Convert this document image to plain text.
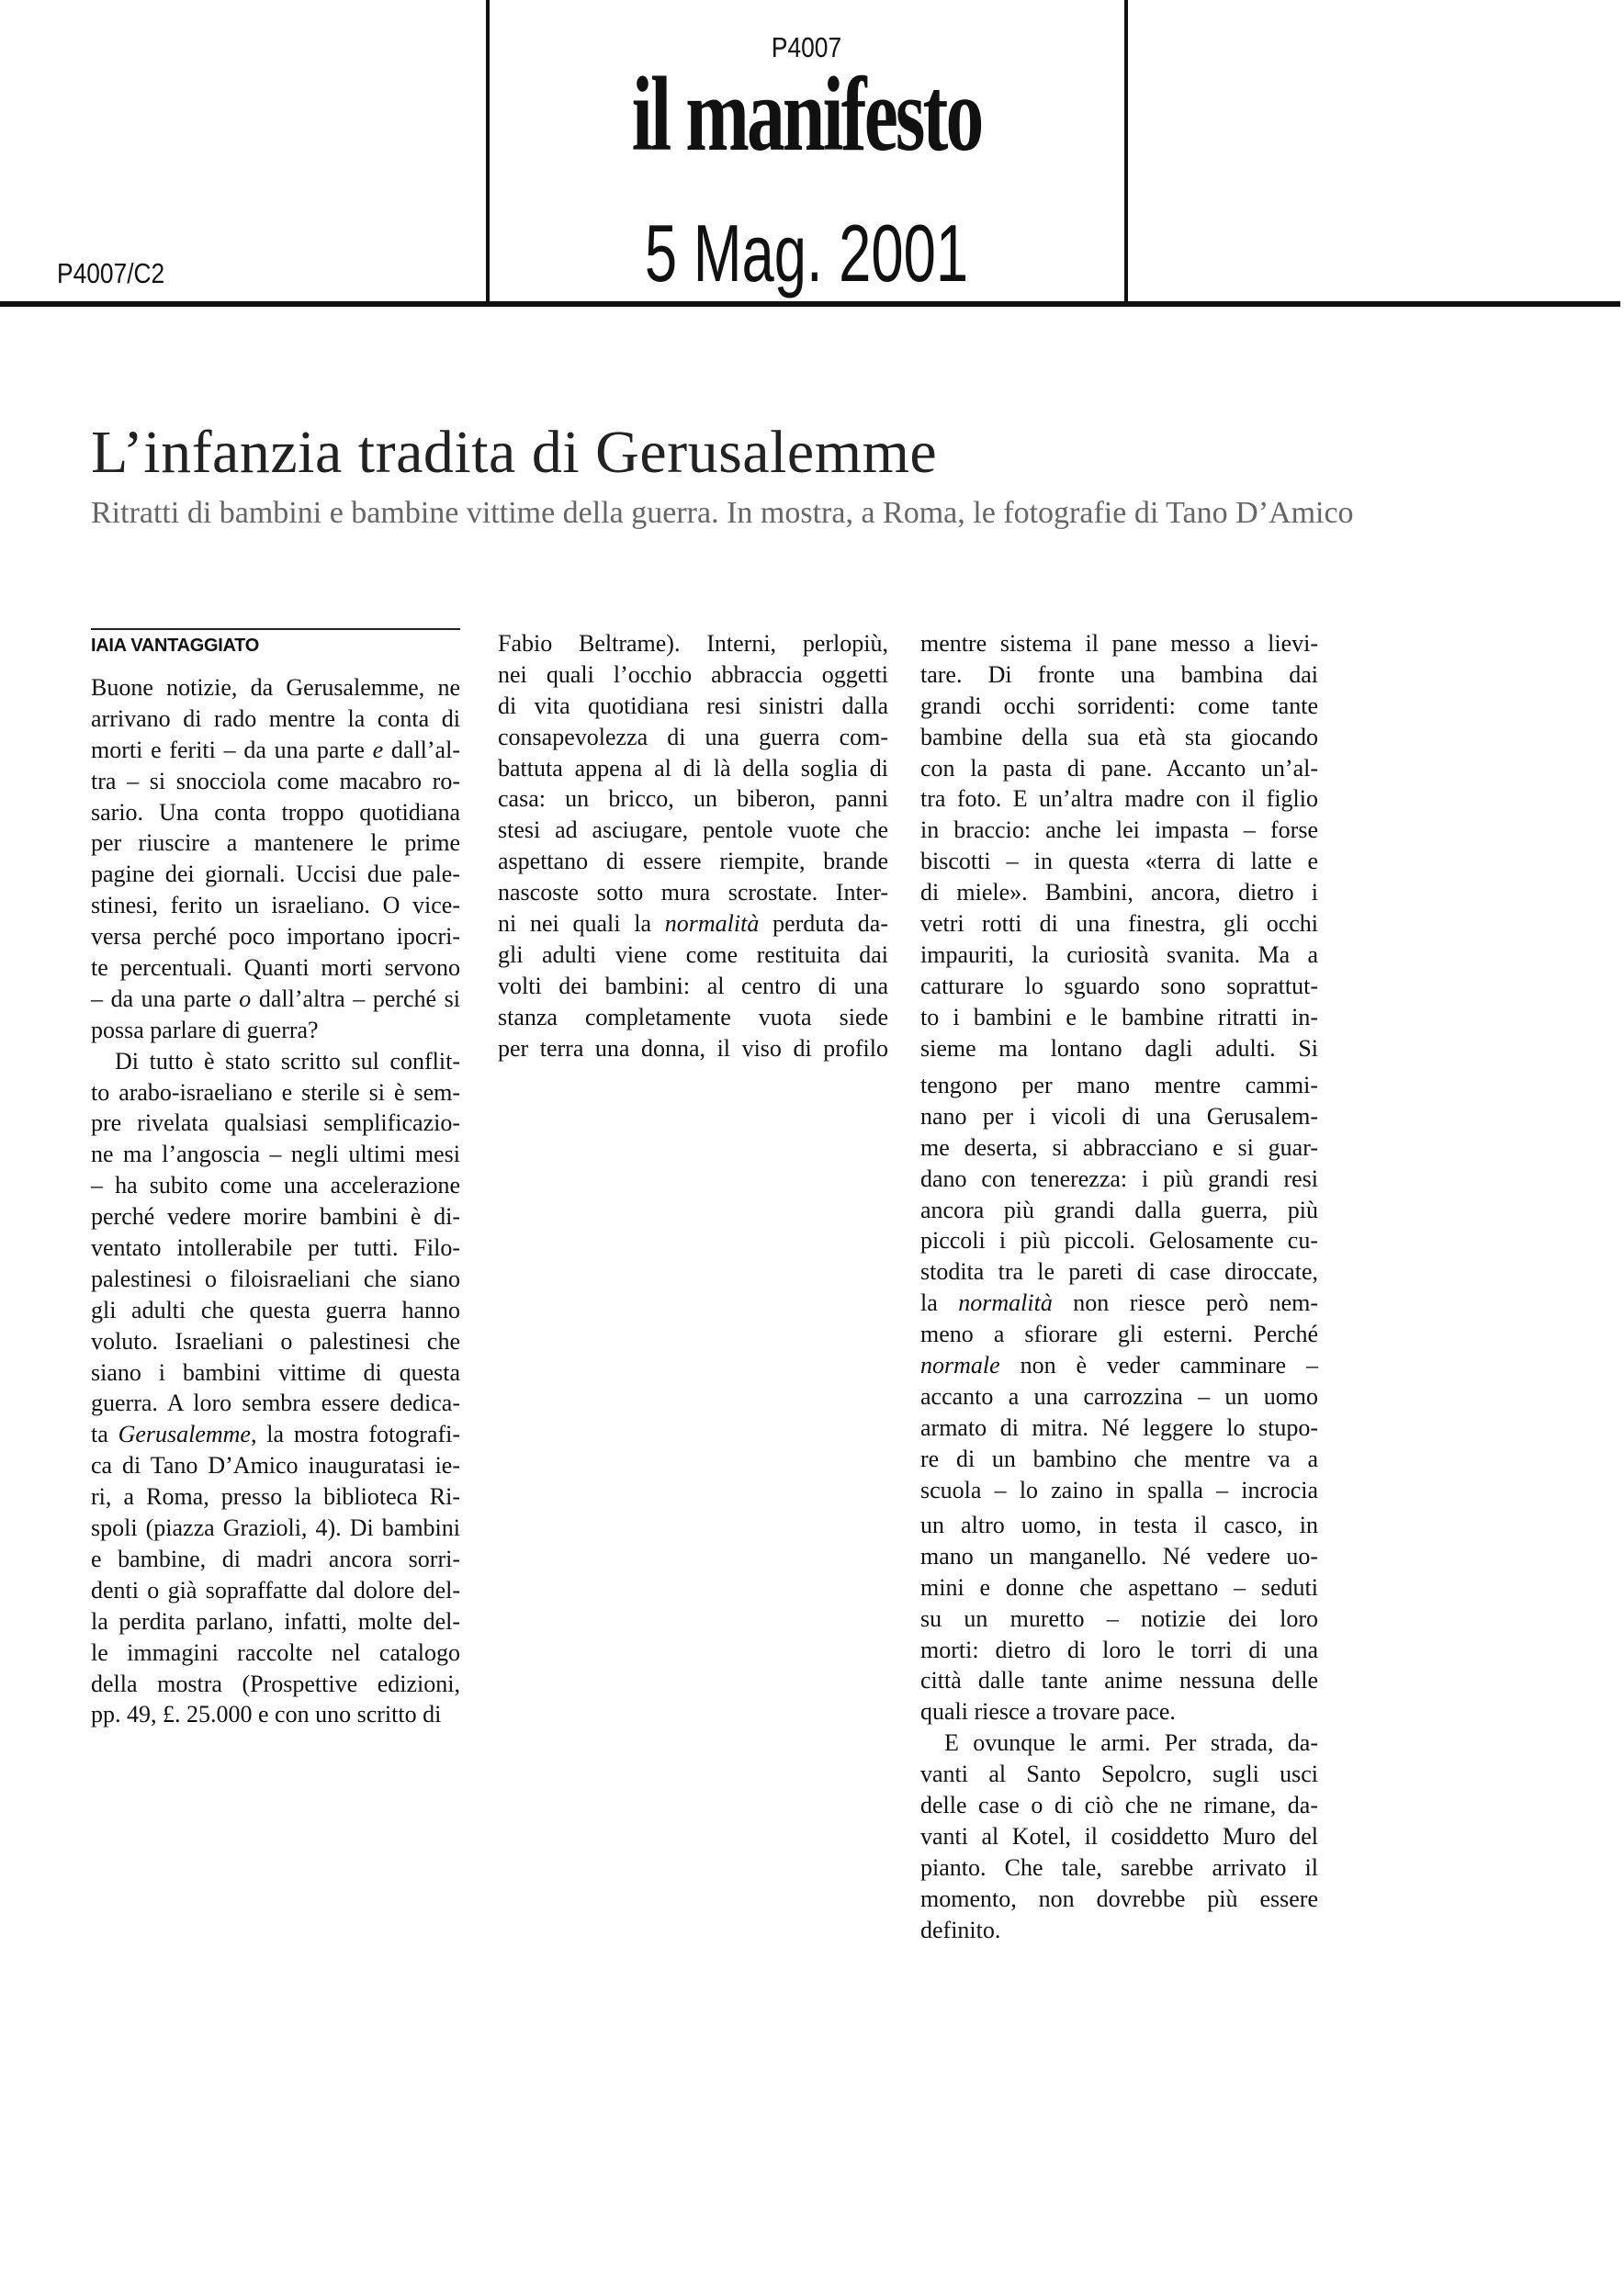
P4007
il manifesto
5 Mag. 2001
P4007/C2
L’infanzia tradita di Gerusalemme
Ritratti di bambini e bambine vittime della guerra. In mostra, a Roma, le fotografie di Tano D’Amico
IAIA VANTAGGIATO
Buone notizie, da Gerusalemme, ne
arrivano di rado mentre la conta di
morti e feriti – da una parte e dall’al-
tra – si snocciola come macabro ro-
sario. Una conta troppo quotidiana
per riuscire a mantenere le prime
pagine dei giornali. Uccisi due pale-
stinesi, ferito un israeliano. O vice-
versa perché poco importano ipocri-
te percentuali. Quanti morti servono
– da una parte o dall’altra – perché si
possa parlare di guerra?
Di tutto è stato scritto sul conflit-
to arabo-israeliano e sterile si è sem-
pre rivelata qualsiasi semplificazio-
ne ma l’angoscia – negli ultimi mesi
– ha subito come una accelerazione
perché vedere morire bambini è di-
ventato intollerabile per tutti. Filo-
palestinesi o filoisraeliani che siano
gli adulti che questa guerra hanno
voluto. Israeliani o palestinesi che
siano i bambini vittime di questa
guerra. A loro sembra essere dedica-
ta Gerusalemme, la mostra fotografi-
ca di Tano D’Amico inauguratasi ie-
ri, a Roma, presso la biblioteca Ri-
spoli (piazza Grazioli, 4). Di bambini
e bambine, di madri ancora sorri-
denti o già sopraffatte dal dolore del-
la perdita parlano, infatti, molte del-
le immagini raccolte nel catalogo
della mostra (Prospettive edizioni,
pp. 49, £. 25.000 e con uno scritto di
Fabio Beltrame). Interni, perlopiù,
nei quali l’occhio abbraccia oggetti
di vita quotidiana resi sinistri dalla
consapevolezza di una guerra com-
battuta appena al di là della soglia di
casa: un bricco, un biberon, panni
stesi ad asciugare, pentole vuote che
aspettano di essere riempite, brande
nascoste sotto mura scrostate. Inter-
ni nei quali la normalità perduta da-
gli adulti viene come restituita dai
volti dei bambini: al centro di una
stanza completamente vuota siede
per terra una donna, il viso di profilo
mentre sistema il pane messo a lievi-
tare. Di fronte una bambina dai
grandi occhi sorridenti: come tante
bambine della sua età sta giocando
con la pasta di pane. Accanto un’al-
tra foto. E un’altra madre con il figlio
in braccio: anche lei impasta – forse
biscotti – in questa «terra di latte e
di miele». Bambini, ancora, dietro i
vetri rotti di una finestra, gli occhi
impauriti, la curiosità svanita. Ma a
catturare lo sguardo sono soprattut-
to i bambini e le bambine ritratti in-
sieme ma lontano dagli adulti. Si
tengono per mano mentre cammi-
nano per i vicoli di una Gerusalem-
me deserta, si abbracciano e si guar-
dano con tenerezza: i più grandi resi
ancora più grandi dalla guerra, più
piccoli i più piccoli. Gelosamente cu-
stodita tra le pareti di case diroccate,
la normalità non riesce però nem-
meno a sfiorare gli esterni. Perché
normale non è veder camminare –
accanto a una carrozzina – un uomo
armato di mitra. Né leggere lo stupo-
re di un bambino che mentre va a
scuola – lo zaino in spalla – incrocia
un altro uomo, in testa il casco, in
mano un manganello. Né vedere uo-
mini e donne che aspettano – seduti
su un muretto – notizie dei loro
morti: dietro di loro le torri di una
città dalle tante anime nessuna delle
quali riesce a trovare pace.
E ovunque le armi. Per strada, da-
vanti al Santo Sepolcro, sugli usci
delle case o di ciò che ne rimane, da-
vanti al Kotel, il cosiddetto Muro del
pianto. Che tale, sarebbe arrivato il
momento, non dovrebbe più essere
definito.
